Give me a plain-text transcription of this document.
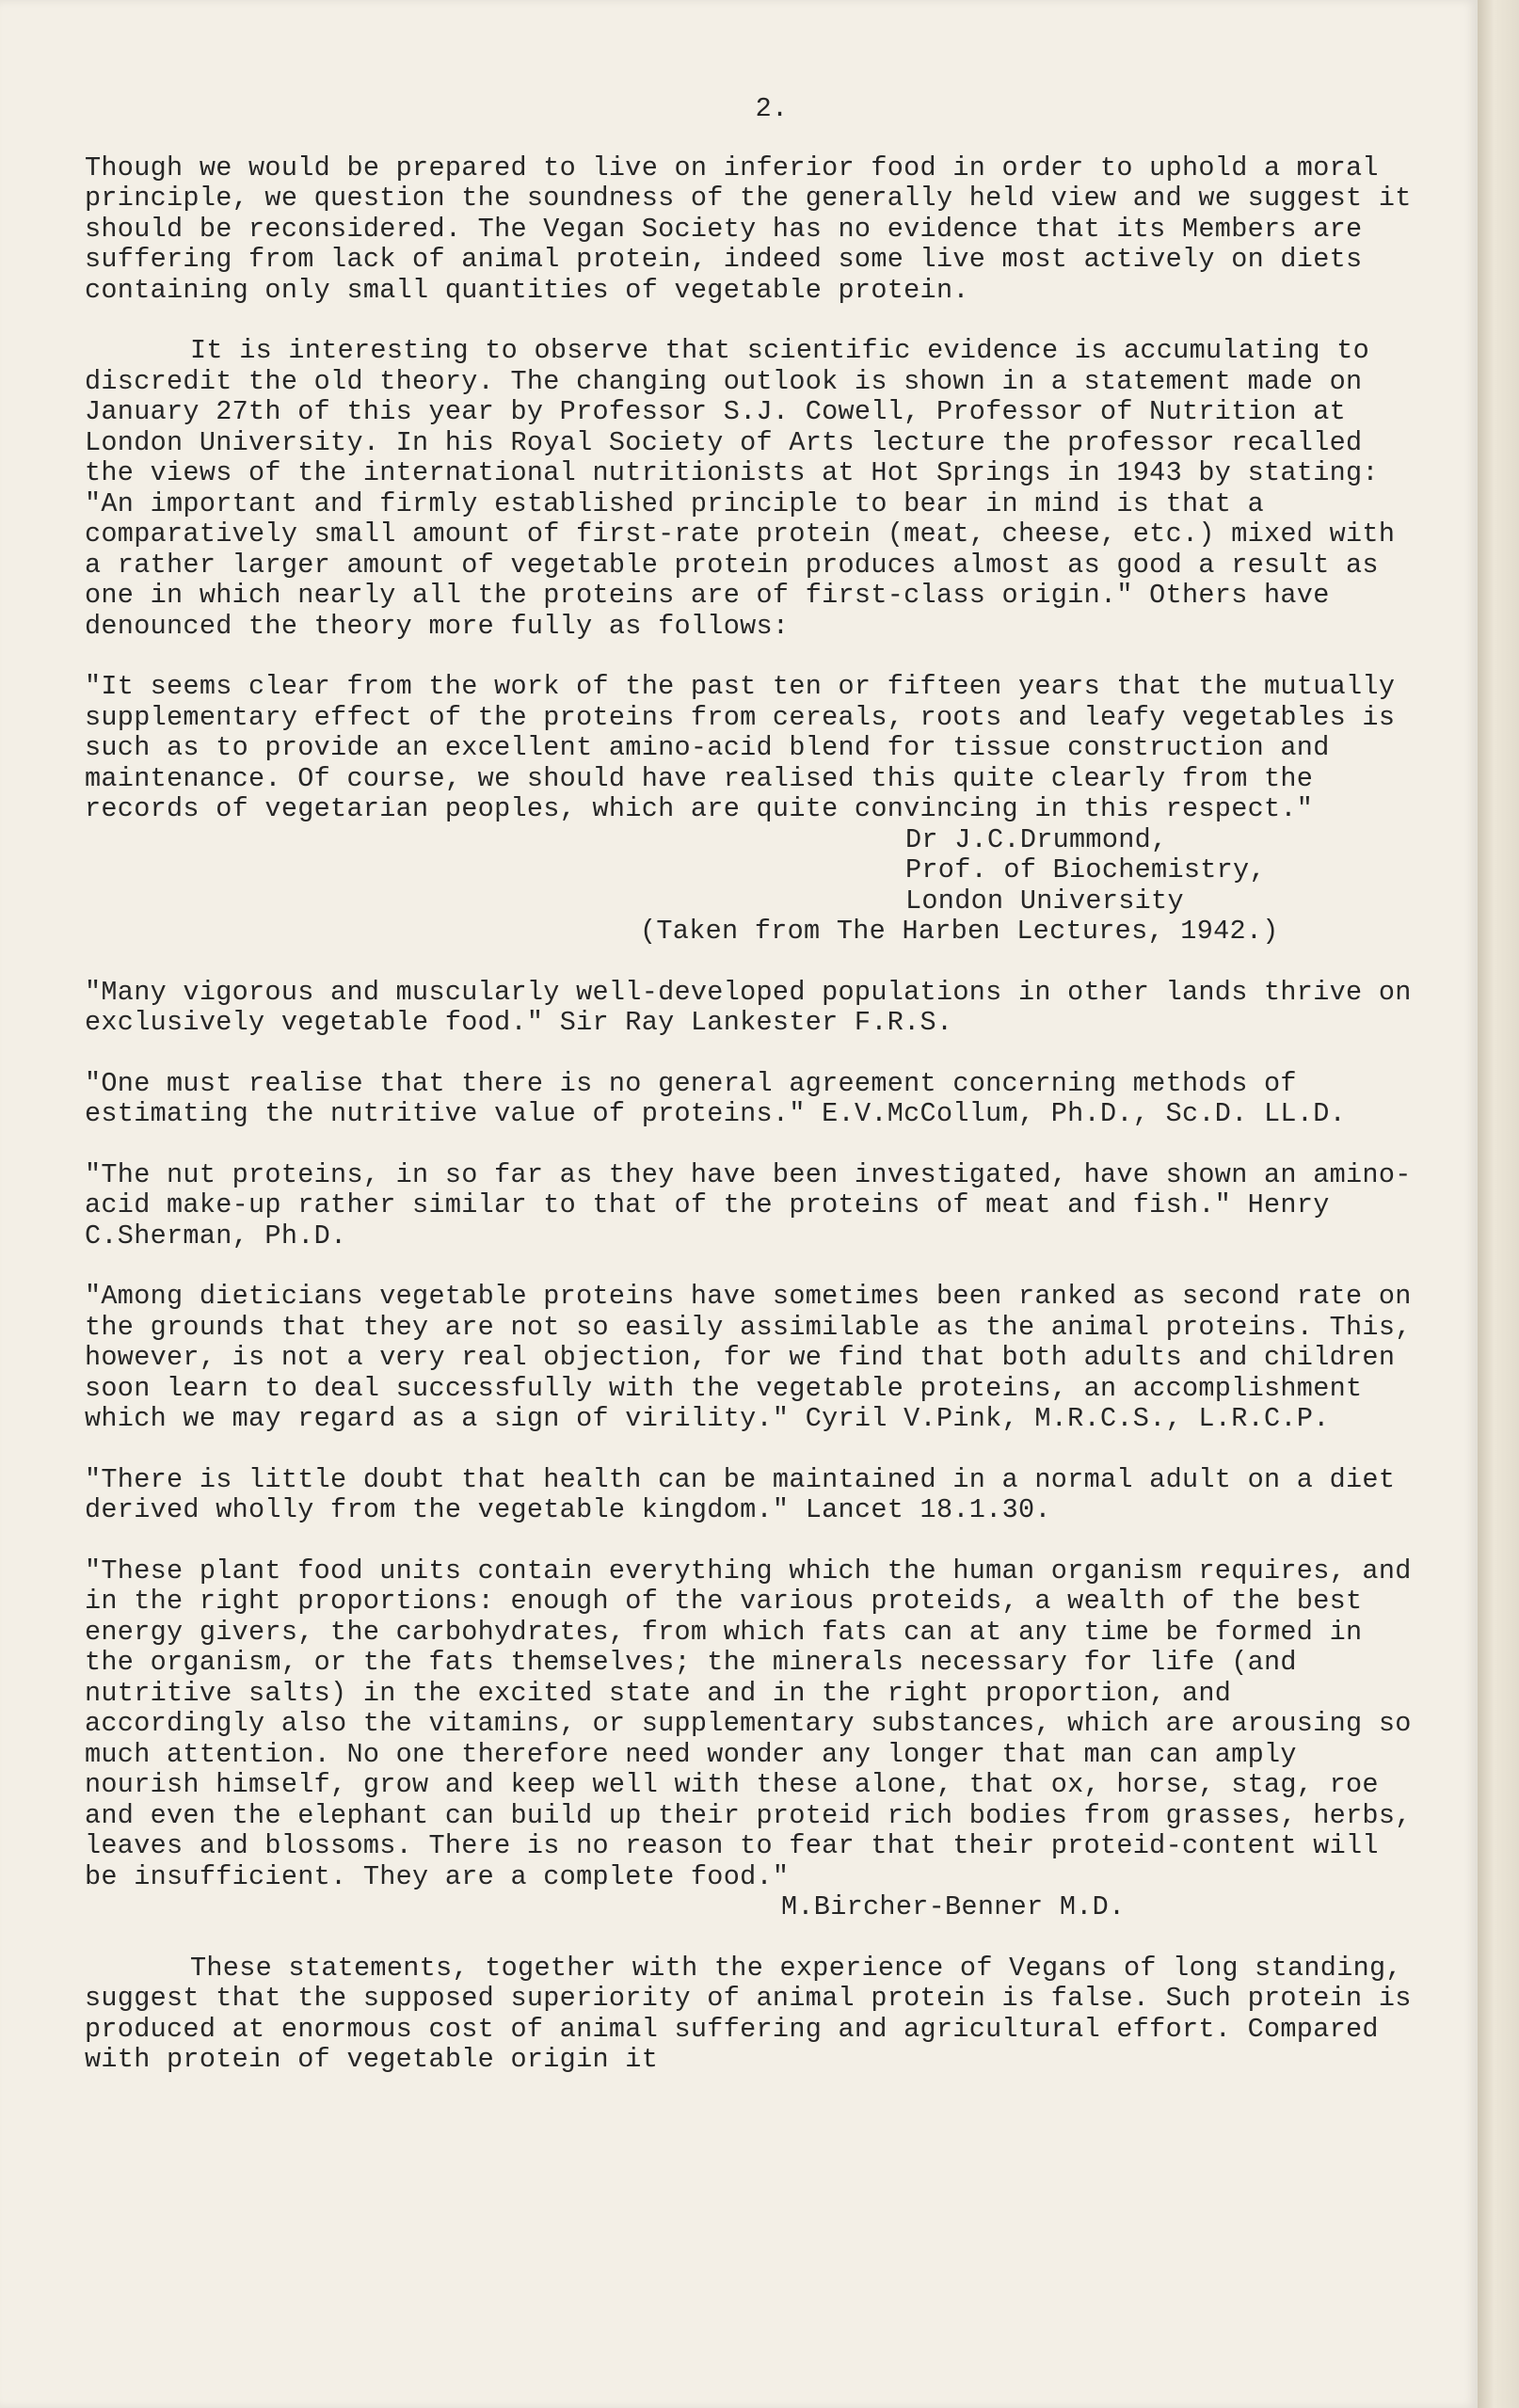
2.

Though we would be prepared to live on inferior food in order to uphold a moral principle, we question the soundness of the generally held view and we suggest it should be reconsidered. The Vegan Society has no evidence that its Members are suffering from lack of animal protein, indeed some live most actively on diets containing only small quantities of vegetable protein.

It is interesting to observe that scientific evidence is accumulating to discredit the old theory. The changing outlook is shown in a statement made on January 27th of this year by Professor S.J. Cowell, Professor of Nutrition at London University. In his Royal Society of Arts lecture the professor recalled the views of the international nutritionists at Hot Springs in 1943 by stating: "An important and firmly established principle to bear in mind is that a comparatively small amount of first-rate protein (meat, cheese, etc.) mixed with a rather larger amount of vegetable protein produces almost as good a result as one in which nearly all the proteins are of first-class origin." Others have denounced the theory more fully as follows:

"It seems clear from the work of the past ten or fifteen years that the mutually supplementary effect of the proteins from cereals, roots and leafy vegetables is such as to provide an excellent amino-acid blend for tissue construction and maintenance. Of course, we should have realised this quite clearly from the records of vegetarian peoples, which are quite convincing in this respect."

Dr J.C.Drummond,

Prof. of Biochemistry,

London University

(Taken from The Harben Lectures, 1942.)

"Many vigorous and muscularly well-developed populations in other lands thrive on exclusively vegetable food." Sir Ray Lankester F.R.S.

"One must realise that there is no general agreement concerning methods of estimating the nutritive value of proteins." E.V.McCollum, Ph.D., Sc.D. LL.D.
"The nut proteins, in so far as they have been investigated, have shown an amino-acid make-up rather similar to that of the proteins of meat and fish." Henry C.Sherman, Ph.D.

"Among dieticians vegetable proteins have sometimes been ranked as second rate on the grounds that they are not so easily assimilable as the animal proteins. This, however, is not a very real objection, for we find that both adults and children soon learn to deal successfully with the vegetable proteins, an accomplishment which we may regard as a sign of virility." Cyril V.Pink, M.R.C.S., L.R.C.P.

"There is little doubt that health can be maintained in a normal adult on a diet derived wholly from the vegetable kingdom." Lancet 18.1.30.

"These plant food units contain everything which the human organism requires, and in the right proportions: enough of the various proteids, a wealth of the best energy givers, the carbohydrates, from which fats can at any time be formed in the organism, or the fats themselves; the minerals necessary for life (and nutritive salts) in the excited state and in the right proportion, and accordingly also the vitamins, or supplementary substances, which are arousing so much attention. No one therefore need wonder any longer that man can amply nourish himself, grow and keep well with these alone, that ox, horse, stag, roe and even the elephant can build up their proteid rich bodies from grasses, herbs, leaves and blossoms. There is no reason to fear that their proteid-content will be insufficient. They are a complete food."

M.Bircher-Benner M.D.

These statements, together with the experience of Vegans of long standing, suggest that the supposed superiority of animal protein is false. Such protein is produced at enormous cost of animal suffering and agricultural effort. Compared with protein of vegetable origin it
